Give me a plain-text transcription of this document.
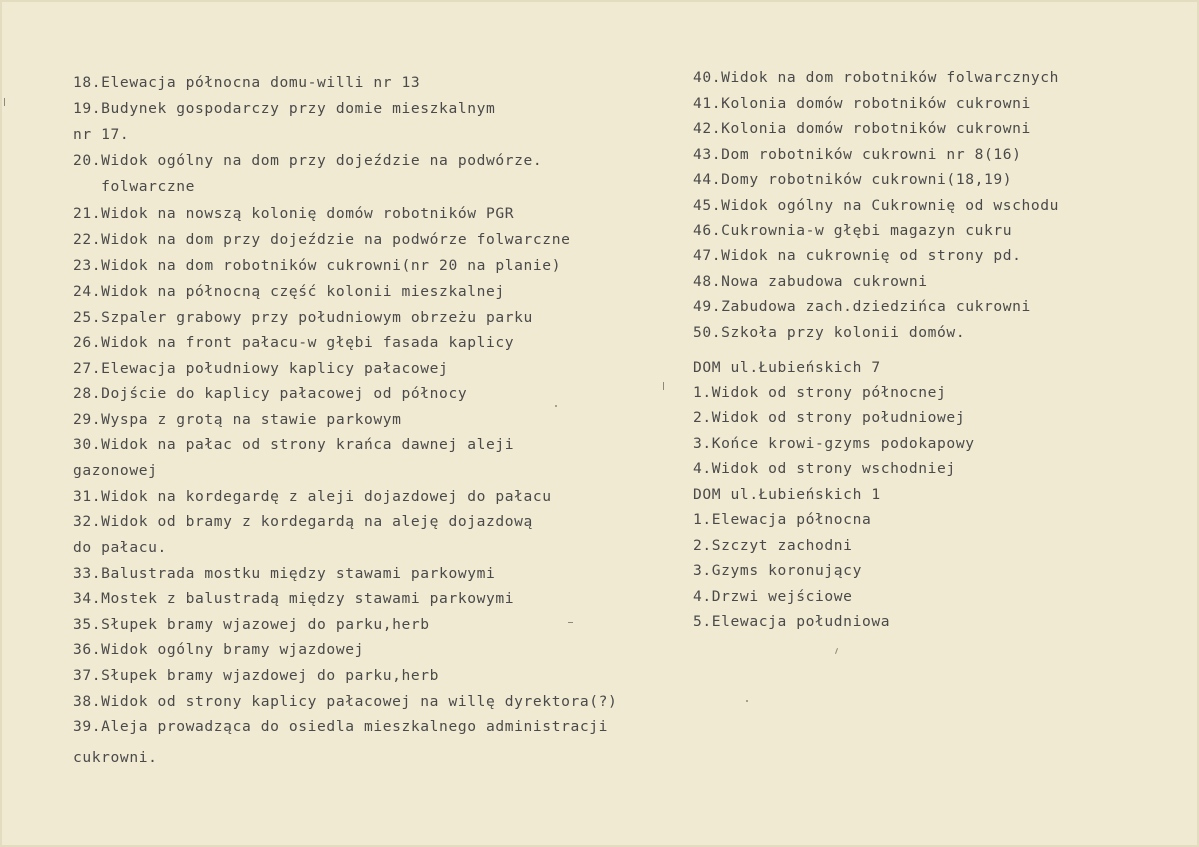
18.Elewacja północna domu-willi nr 13
19.Budynek gospodarczy przy domie mieszkalnym
nr 17.
20.Widok ogólny na dom przy dojeździe na podwórze.
folwarczne
21.Widok na nowszą kolonię domów robotników PGR
22.Widok na dom przy dojeździe na podwórze folwarczne
23.Widok na dom robotników cukrowni(nr 20 na planie)
24.Widok na północną część kolonii mieszkalnej
25.Szpaler grabowy przy południowym obrzeżu parku
26.Widok na front pałacu-w głębi fasada kaplicy
27.Elewacja południowy kaplicy pałacowej
28.Dojście do kaplicy pałacowej od północy
29.Wyspa z grotą na stawie parkowym
30.Widok na pałac od strony krańca dawnej aleji
gazonowej
31.Widok na kordegardę z aleji dojazdowej do pałacu
32.Widok od bramy z kordegardą na aleję dojazdową
do pałacu.
33.Balustrada mostku między stawami parkowymi
34.Mostek z balustradą między stawami parkowymi
35.Słupek bramy wjazowej do parku,herb
36.Widok ogólny bramy wjazdowej
37.Słupek bramy wjazdowej do parku,herb
38.Widok od strony kaplicy pałacowej na willę dyrektora(?)
39.Aleja prowadząca do osiedla mieszkalnego administracji
cukrowni.
40.Widok na dom robotników folwarcznych
41.Kolonia domów robotników cukrowni
42.Kolonia domów robotników cukrowni
43.Dom robotników cukrowni nr 8(16)
44.Domy robotników cukrowni(18,19)
45.Widok ogólny na Cukrownię od wschodu
46.Cukrownia-w głębi magazyn cukru
47.Widok na cukrownię od strony pd.
48.Nowa zabudowa cukrowni
49.Zabudowa zach.dziedzińca cukrowni
50.Szkoła przy kolonii domów.
DOM ul.Łubieńskich 7
1.Widok od strony północnej
2.Widok od strony południowej
3.Końce krowi-gzyms podokapowy
4.Widok od strony wschodniej
DOM ul.Łubieńskich 1
1.Elewacja północna
2.Szczyt zachodni
3.Gzyms koronujący
4.Drzwi wejściowe
5.Elewacja południowa
